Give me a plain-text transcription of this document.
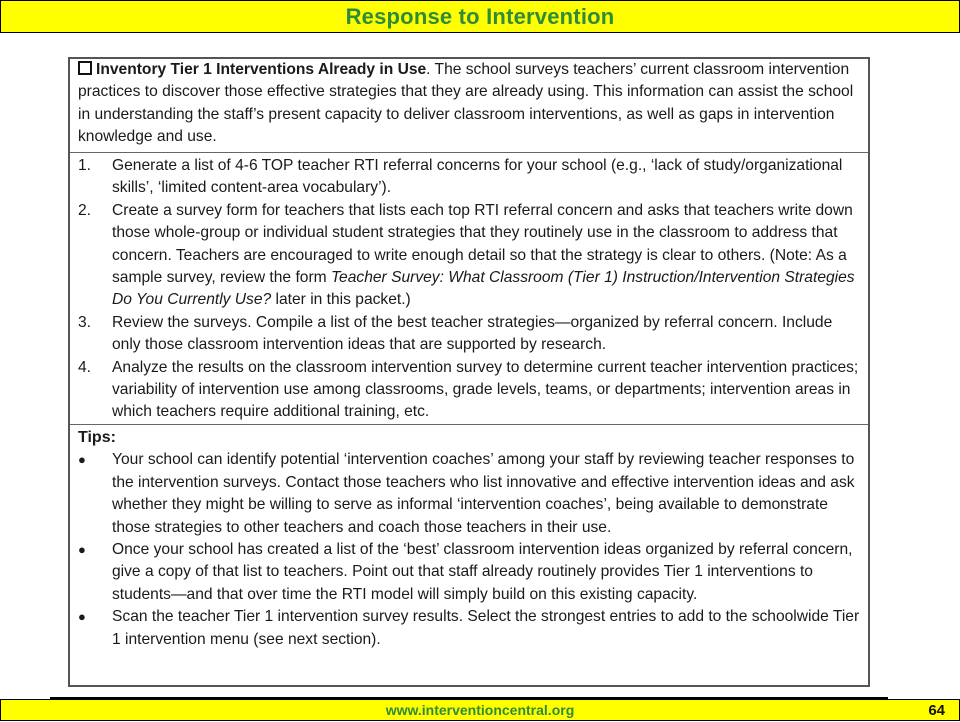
Response to Intervention
Inventory Tier 1 Interventions Already in Use. The school surveys teachers’ current classroom intervention practices to discover those effective strategies that they are already using. This information can assist the school in understanding the staff’s present capacity to deliver classroom interventions, as well as gaps in intervention knowledge and use.
1.	Generate a list of 4-6 TOP teacher RTI referral concerns for your school (e.g., ‘lack of study/organizational skills’, ‘limited content-area vocabulary’).
2.	Create a survey form for teachers that lists each top RTI referral concern and asks that teachers write down those whole-group or individual student strategies that they routinely use in the classroom to address that concern. Teachers are encouraged to write enough detail so that the strategy is clear to others. (Note: As a sample survey, review the form Teacher Survey: What Classroom (Tier 1) Instruction/Intervention Strategies Do You Currently Use? later in this packet.)
3.	Review the surveys. Compile a list of the best teacher strategies—organized by referral concern. Include only those classroom intervention ideas that are supported by research.
4.	Analyze the results on the classroom intervention survey to determine current teacher intervention practices; variability of intervention use among classrooms, grade levels, teams, or departments; intervention areas in which teachers require additional training, etc.
Tips:
●	Your school can identify potential ‘intervention coaches’ among your staff by reviewing teacher responses to the intervention surveys. Contact those teachers who list innovative and effective intervention ideas and ask whether they might be willing to serve as informal ‘intervention coaches’, being available to demonstrate those strategies to other teachers and coach those teachers in their use.
●	Once your school has created a list of the ‘best’ classroom intervention ideas organized by referral concern, give a copy of that list to teachers. Point out that staff already routinely provides Tier 1 interventions to students—and that over time the RTI model will simply build on this existing capacity.
●	Scan the teacher Tier 1 intervention survey results. Select the strongest entries to add to the schoolwide Tier 1 intervention menu (see next section).
www.interventioncentral.org	64
